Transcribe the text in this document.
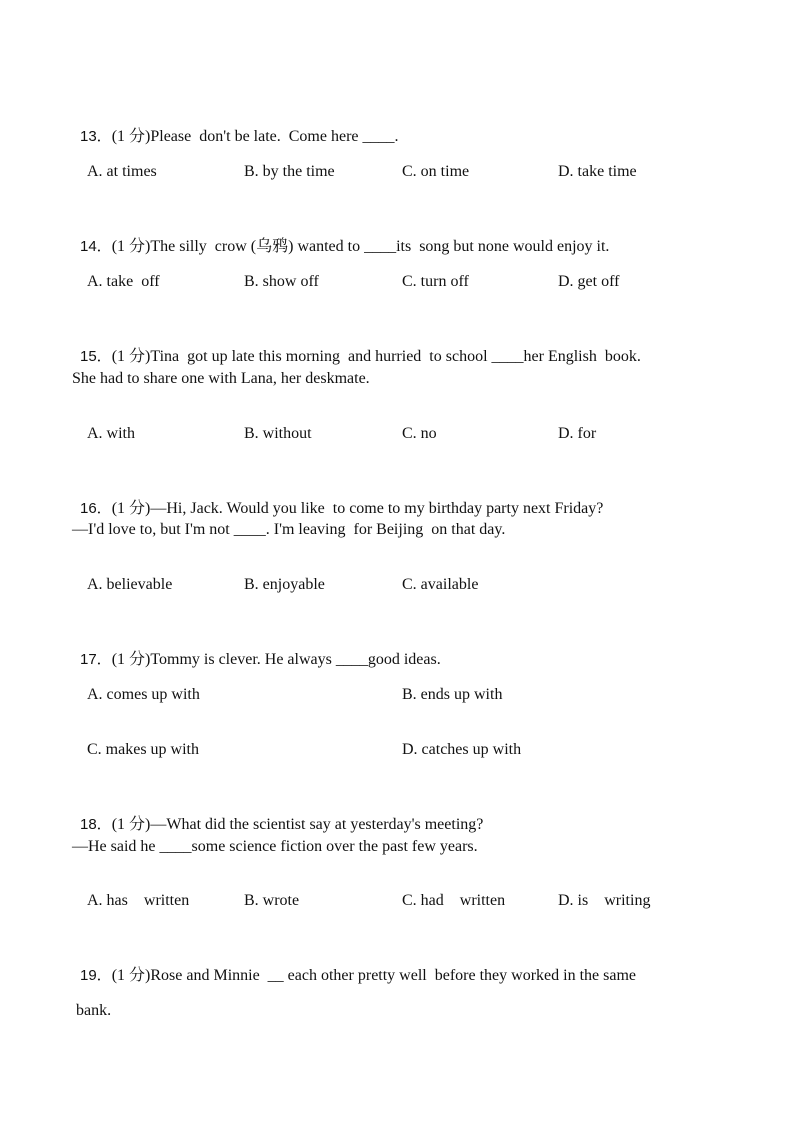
13．(1 分)Please  don't be late.  Come here ____.

A. at times	B. by the time	C. on time	D. take time

14．(1 分)The silly  crow (乌鸦) wanted to ____its  song but none would enjoy it.

A. take  off	B. show off	C. turn off	D. get off

15．(1 分)Tina  got up late this morning  and hurried  to school ____her English  book.

She had to share one with Lana, her deskmate.
A. with	B. without	C. no	D. for

16．(1 分)—Hi, Jack. Would you like  to come to my birthday party next Friday?

—I'd love to, but I'm not ____. I'm leaving  for Beijing  on that day.
A. believable	B. enjoyable	C. available

17．(1 分)Tommy is clever. He always ____good ideas.

A. comes up with	B. ends up with
C. makes up with	D. catches up with

18．(1 分)—What did the scientist say at yesterday's meeting?

—He said he ____some science fiction over the past few years.
A. has    written	B. wrote	C. had    written	D. is    writing

19．(1 分)Rose and Minnie  __ each other pretty well  before they worked in the same

bank.
